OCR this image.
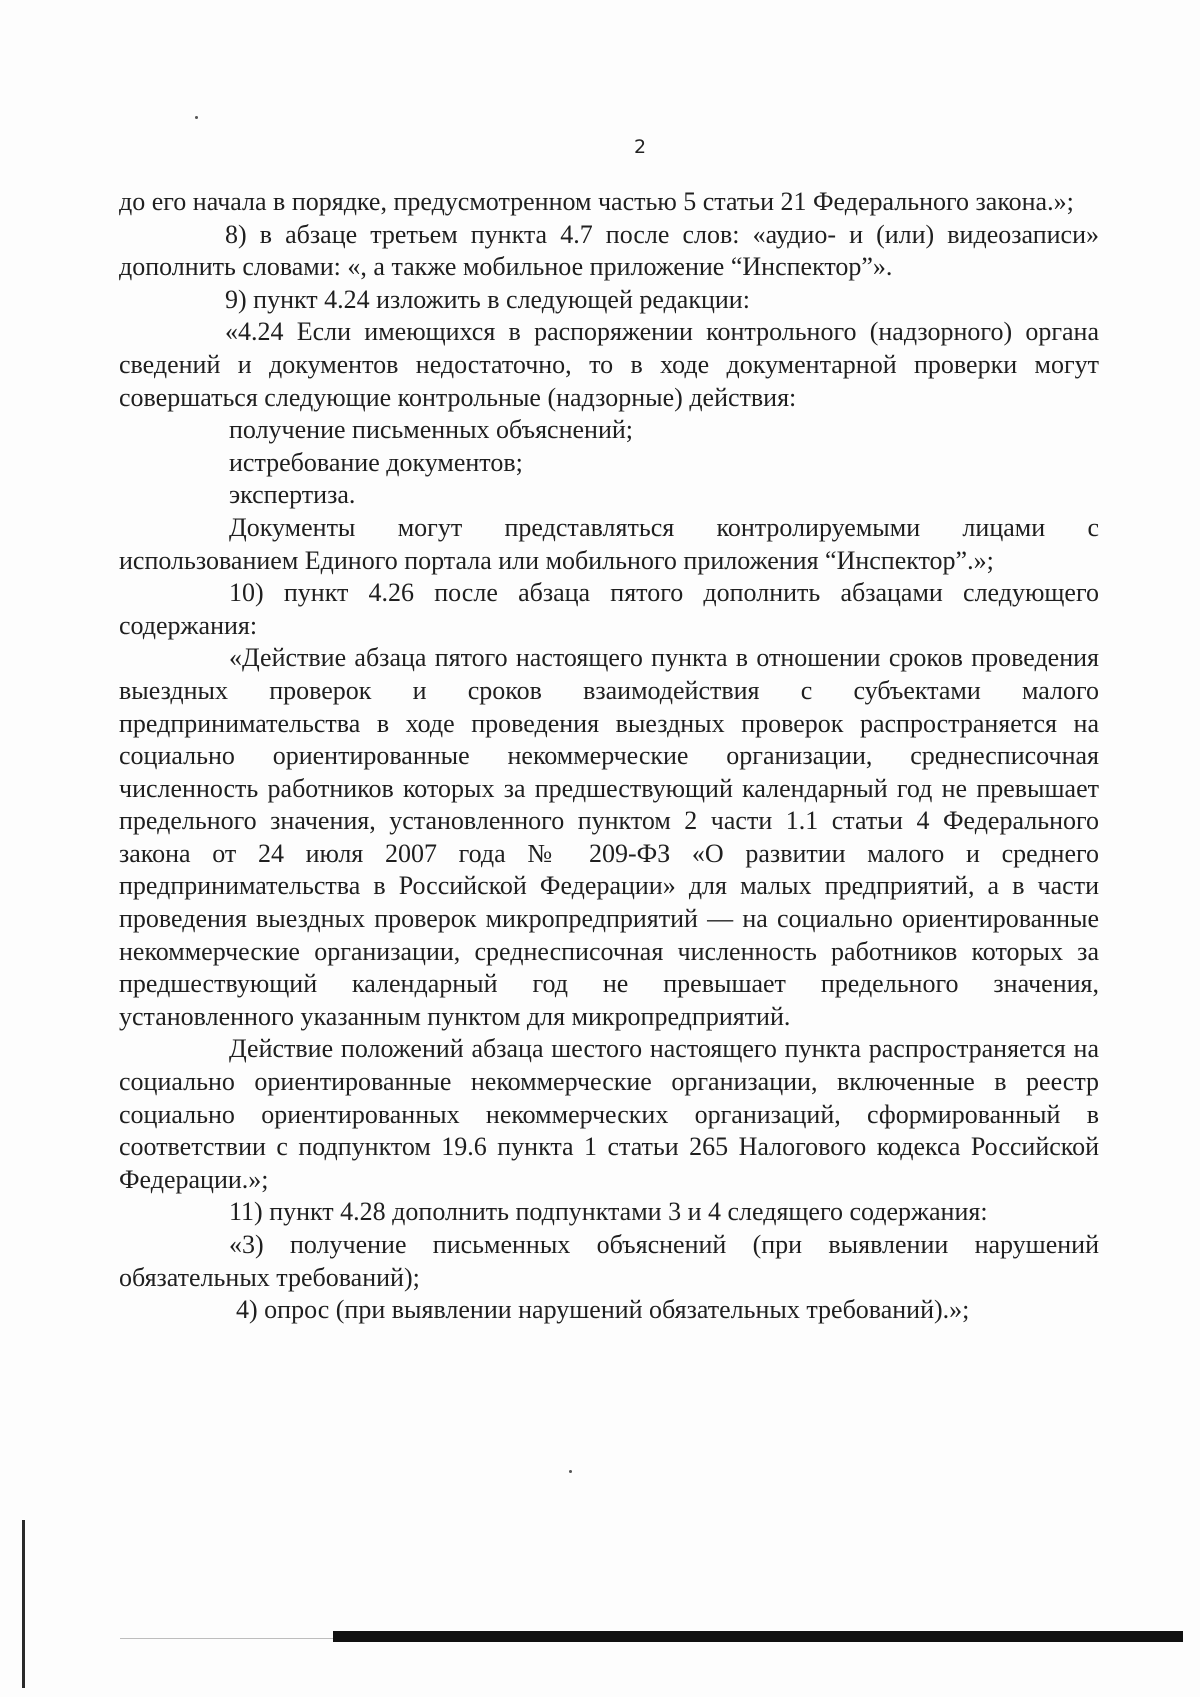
2

до его начала в порядке, предусмотренном частью 5 статьи 21 Федерального закона.»;

8) в абзаце третьем пункта 4.7 после слов: «аудио- и (или) видеозаписи» дополнить словами: «, а также мобильное приложение “Инспектор”».

9) пункт 4.24 изложить в следующей редакции:

«4.24 Если имеющихся в распоряжении контрольного (надзорного) органа сведений и документов недостаточно, то в ходе документарной проверки могут совершаться следующие контрольные (надзорные) действия:

получение письменных объяснений;

истребование документов;

экспертиза.

Документы могут представляться контролируемыми лицами с использованием Единого портала или мобильного приложения “Инспектор”.»;

10) пункт 4.26 после абзаца пятого дополнить абзацами следующего содержания:

«Действие абзаца пятого настоящего пункта в отношении сроков проведения выездных проверок и сроков взаимодействия с субъектами малого предпринимательства в ходе проведения выездных проверок распространяется на социально ориентированные некоммерческие организации, среднесписочная численность работников которых за предшествующий календарный год не превышает предельного значения, установленного пунктом 2 части 1.1 статьи 4 Федерального закона от 24 июля 2007 года № 209-ФЗ «О развитии малого и среднего предпринимательства в Российской Федерации» для малых предприятий, а в части проведения выездных проверок микропредприятий — на социально ориентированные некоммерческие организации, среднесписочная численность работников которых за предшествующий календарный год не превышает предельного значения, установленного указанным пунктом для микропредприятий.

Действие положений абзаца шестого настоящего пункта распространяется на социально ориентированные некоммерческие организации, включенные в реестр социально ориентированных некоммерческих организаций, сформированный в соответствии с подпунктом 19.6 пункта 1 статьи 265 Налогового кодекса Российской Федерации.»;

11) пункт 4.28 дополнить подпунктами 3 и 4 следящего содержания:

«3) получение письменных объяснений (при выявлении нарушений обязательных требований);

4) опрос (при выявлении нарушений обязательных требований).»;
